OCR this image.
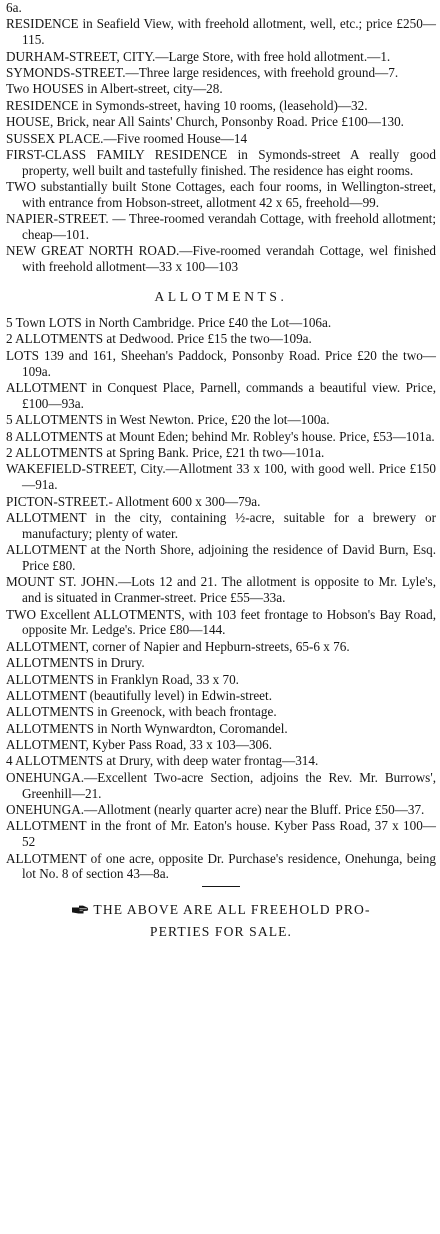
6a.

RESIDENCE in Seafield View, with freehold allotment, well, etc.; price £250—115.

DURHAM-STREET, CITY.—Large Store, with free hold allotment.—1.

SYMONDS-STREET.—Three large residences, with freehold ground—7.

Two HOUSES in Albert-street, city—28.

RESIDENCE in Symonds-street, having 10 rooms, (leasehold)—32.

HOUSE, Brick, near All Saints' Church, Ponsonby Road. Price £100—130.

SUSSEX PLACE.—Five roomed House—14

FIRST-CLASS FAMILY RESIDENCE in Symonds-street A really good property, well built and tastefully finished. The residence has eight rooms.

TWO substantially built Stone Cottages, each four rooms, in Wellington-street, with entrance from Hobson-street, allotment 42 x 65, freehold—99.

NAPIER-STREET. — Three-roomed verandah Cottage, with freehold allotment; cheap—101.

NEW GREAT NORTH ROAD.—Five-roomed verandah Cottage, wel finished with freehold allotment—33 x 100—103

ALLOTMENTS.

5 Town LOTS in North Cambridge. Price £40 the Lot—106a.

2 ALLOTMENTS at Dedwood. Price £15 the two—109a.

LOTS 139 and 161, Sheehan's Paddock, Ponsonby Road. Price £20 the two—109a.

ALLOTMENT in Conquest Place, Parnell, commands a beautiful view. Price, £100—93a.

5 ALLOTMENTS in West Newton. Price, £20 the lot—100a.

8 ALLOTMENTS at Mount Eden; behind Mr. Robley's house. Price, £53—101a.

2 ALLOTMENTS at Spring Bank. Price, £21 th two—101a.

WAKEFIELD-STREET, City.—Allotment 33 x 100, with good well. Price £150—91a.

PICTON-STREET.- Allotment 600 x 300—79a.

ALLOTMENT in the city, containing ½-acre, suitable for a brewery or manufactury; plenty of water.

ALLOTMENT at the North Shore, adjoining the residence of David Burn, Esq. Price £80.

MOUNT ST. JOHN.—Lots 12 and 21. The allotment is opposite to Mr. Lyle's, and is situated in Cranmer-street. Price £55—33a.

TWO Excellent ALLOTMENTS, with 103 feet frontage to Hobson's Bay Road, opposite Mr. Ledge's. Price £80—144.

ALLOTMENT, corner of Napier and Hepburn-streets, 65-6 x 76.

ALLOTMENTS in Drury.

ALLOTMENTS in Franklyn Road, 33 x 70.

ALLOTMENT (beautifully level) in Edwin-street.

ALLOTMENTS in Greenock, with beach frontage.

ALLOTMENTS in North Wynwardton, Coromandel.

ALLOTMENT, Kyber Pass Road, 33 x 103—306.

4 ALLOTMENTS at Drury, with deep water frontag—314.

ONEHUNGA.—Excellent Two-acre Section, adjoins the Rev. Mr. Burrows', Greenhill—21.

ONEHUNGA.—Allotment (nearly quarter acre) near the Bluff. Price £50—37.

ALLOTMENT in the front of Mr. Eaton's house. Kyber Pass Road, 37 x 100—52

ALLOTMENT of one acre, opposite Dr. Purchase's residence, Onehunga, being lot No. 8 of section 43—8a.

THE ABOVE ARE ALL FREEHOLD PRO-
PERTIES FOR SALE.
